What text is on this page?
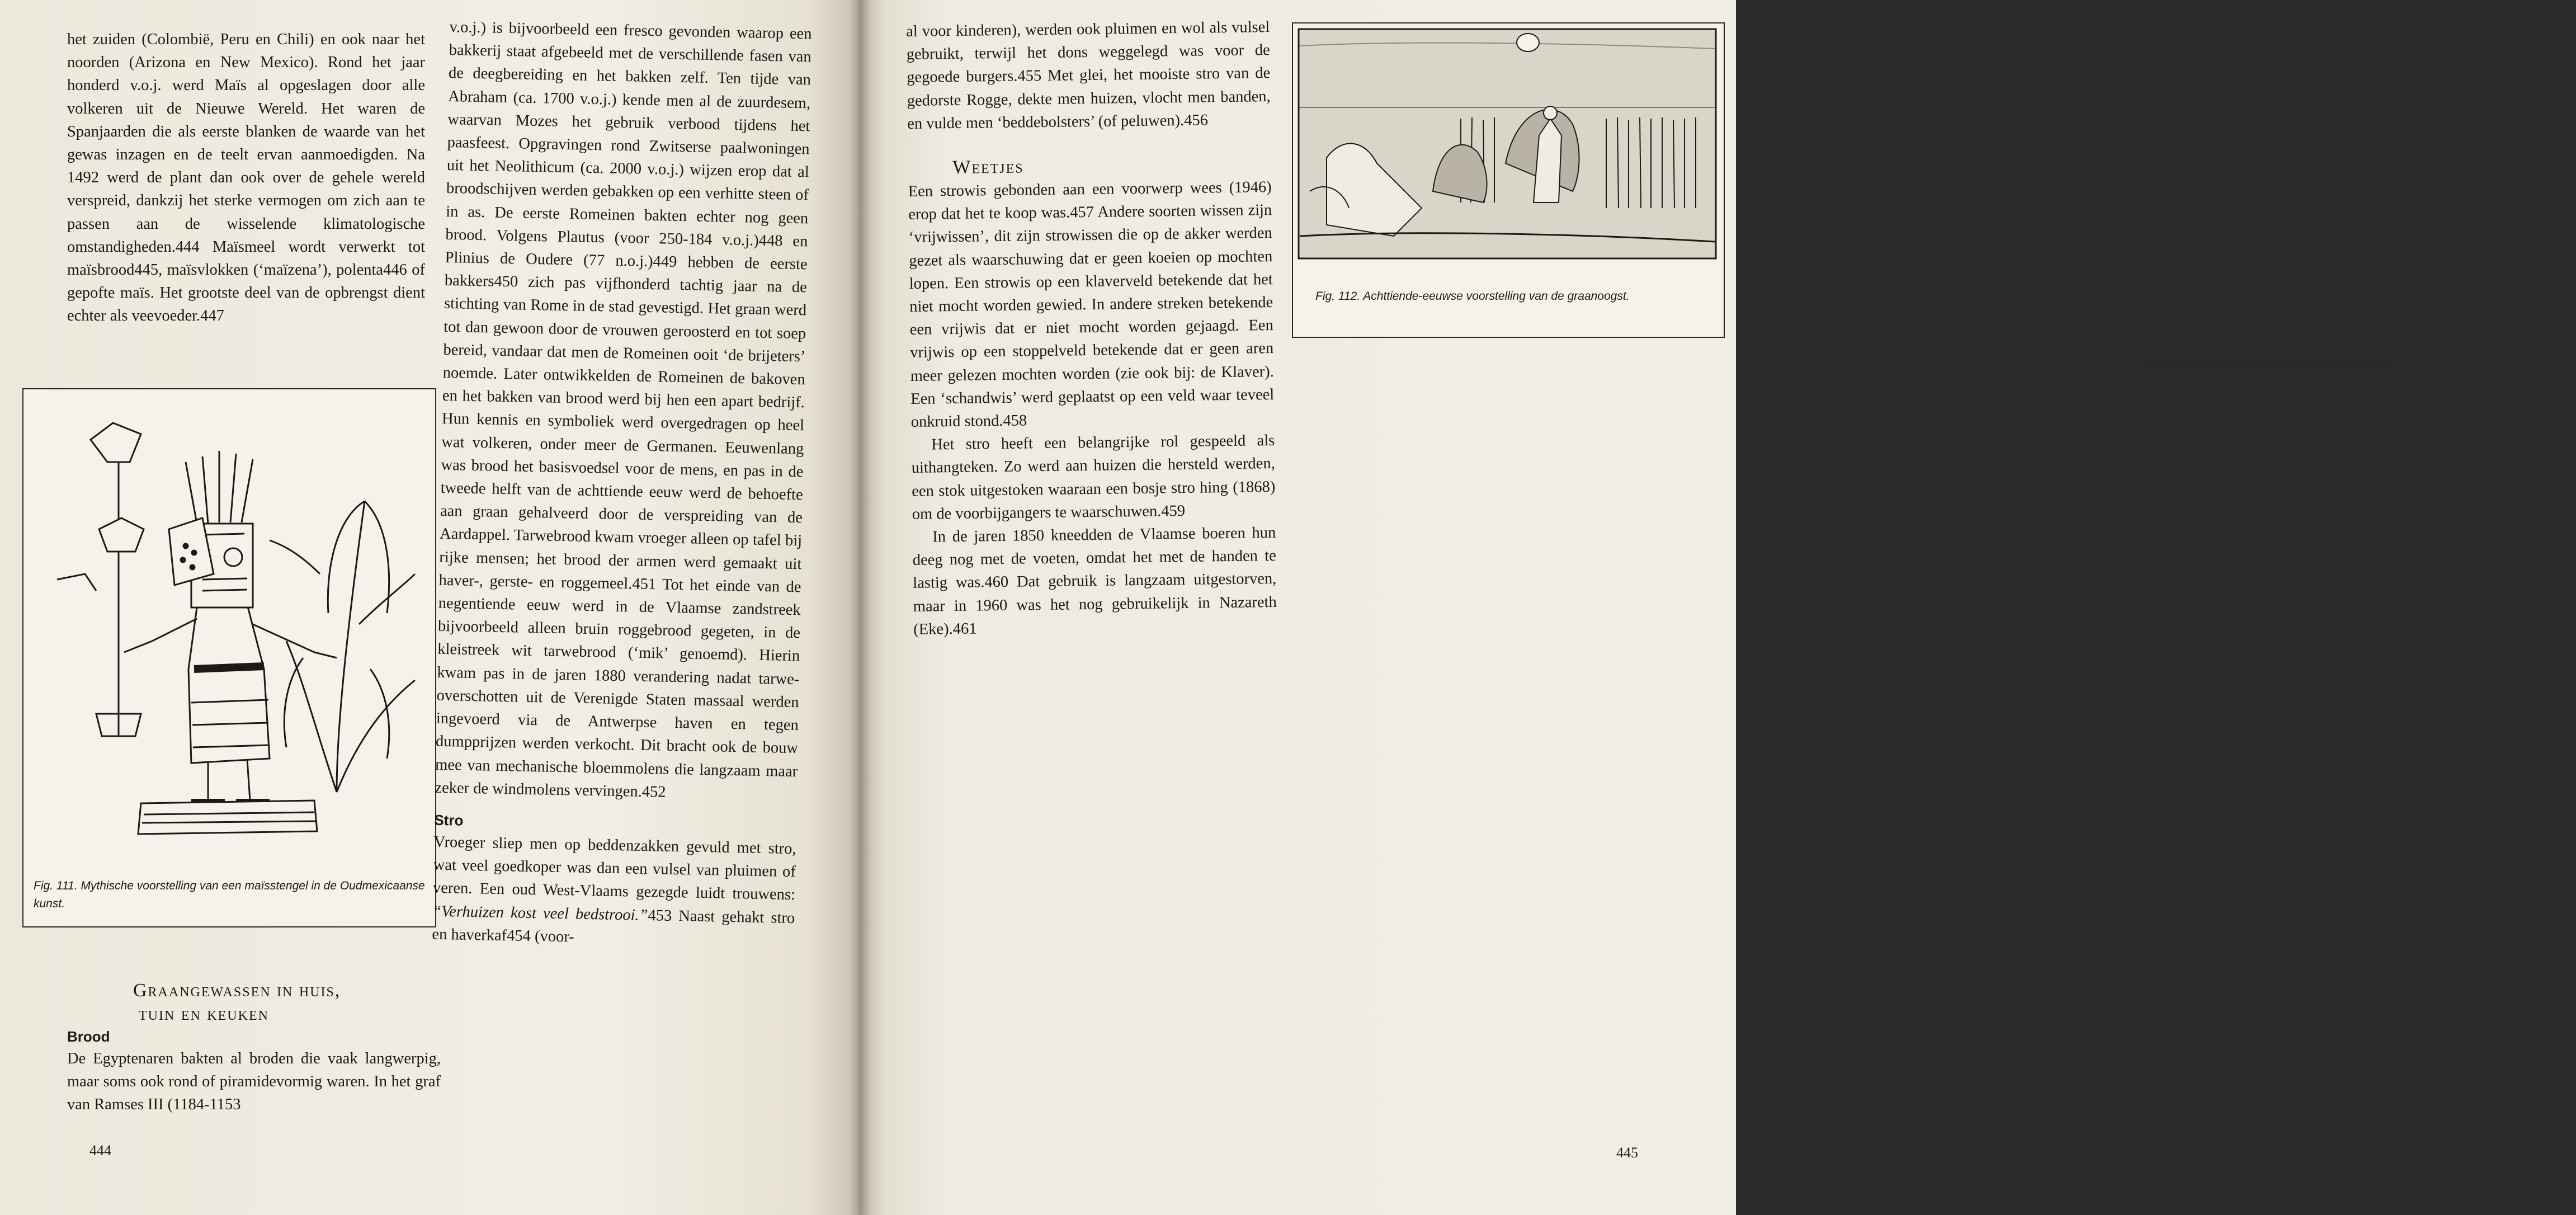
het zuiden (Colombië, Peru en Chili) en ook naar het noorden (Arizona en New Mexico). Rond het jaar honderd v.o.j. werd Maïs al opgeslagen door alle volkeren uit de Nieuwe Wereld. Het waren de Spanjaarden die als eerste blanken de waarde van het gewas inzagen en de teelt ervan aanmoedigden. Na 1492 werd de plant dan ook over de gehele wereld verspreid, dankzij het sterke vermogen om zich aan te passen aan de wisselende klimatologische omstandigheden.444 Maïsmeel wordt verwerkt tot maïsbrood445, maïsvlokken (‘maïzena’), polenta446 of gepofte maïs. Het grootste deel van de opbrengst dient echter als veevoeder.447

Fig. 111. Mythische voorstelling van een maïsstengel in de Oudmexicaanse kunst.
Graangewassen in huis,
tuin en keuken
Brood

De Egyptenaren bakten al broden die vaak langwerpig, maar soms ook rond of piramidevormig waren. In het graf van Ramses III (1184-1153

v.o.j.) is bijvoorbeeld een fresco gevonden waarop een bakkerij staat afgebeeld met de verschillende fasen van de deegbereiding en het bakken zelf. Ten tijde van Abraham (ca. 1700 v.o.j.) kende men al de zuurdesem, waarvan Mozes het gebruik verbood tijdens het paasfeest. Opgravingen rond Zwitserse paalwoningen uit het Neolithicum (ca. 2000 v.o.j.) wijzen erop dat al broodschijven werden gebakken op een verhitte steen of in as. De eerste Romeinen bakten echter nog geen brood. Volgens Plautus (voor 250-184 v.o.j.)448 en Plinius de Oudere (77 n.o.j.)449 hebben de eerste bakkers450 zich pas vijfhonderd tachtig jaar na de stichting van Rome in de stad gevestigd. Het graan werd tot dan gewoon door de vrouwen geroosterd en tot soep bereid, vandaar dat men de Romeinen ooit ‘de brijeters’ noemde. Later ontwikkelden de Romeinen de bakoven en het bakken van brood werd bij hen een apart bedrijf. Hun kennis en symboliek werd overgedragen op heel wat volkeren, onder meer de Germanen. Eeuwenlang was brood het basisvoedsel voor de mens, en pas in de tweede helft van de achttiende eeuw werd de behoefte aan graan gehalveerd door de verspreiding van de Aardappel. Tarwebrood kwam vroeger alleen op tafel bij rijke mensen; het brood der armen werd gemaakt uit haver-, gerste- en roggemeel.451 Tot het einde van de negentiende eeuw werd in de Vlaamse zandstreek bijvoorbeeld alleen bruin roggebrood gegeten, in de kleistreek wit tarwebrood (‘mik’ genoemd). Hierin kwam pas in de jaren 1880 verandering nadat tarwe-overschotten uit de Verenigde Staten massaal werden ingevoerd via de Antwerpse haven en tegen dumpprijzen werden verkocht. Dit bracht ook de bouw mee van mechanische bloemmolens die langzaam maar zeker de windmolens vervingen.452

Stro

Vroeger sliep men op beddenzakken gevuld met stro, wat veel goedkoper was dan een vulsel van pluimen of veren. Een oud West-Vlaams gezegde luidt trouwens: “Verhuizen kost veel bedstrooi.”453 Naast gehakt stro en haverkaf454 (voor-

444
...............................................................................

al voor kinderen), werden ook pluimen en wol als vulsel gebruikt, terwijl het dons weggelegd was voor de gegoede burgers.455 Met glei, het mooiste stro van de gedorste Rogge, dekte men huizen, vlocht men banden, en vulde men ‘beddebolsters’ (of peluwen).456

Weetjes

Een strowis gebonden aan een voorwerp wees (1946) erop dat het te koop was.457 Andere soorten wissen zijn ‘vrijwissen’, dit zijn strowissen die op de akker werden gezet als waarschuwing dat er geen koeien op mochten lopen. Een strowis op een klaverveld betekende dat het niet mocht worden gewied. In andere streken betekende een vrijwis dat er niet mocht worden gejaagd. Een vrijwis op een stoppelveld betekende dat er geen aren meer gelezen mochten worden (zie ook bij: de Klaver). Een ‘schandwis’ werd geplaatst op een veld waar teveel onkruid stond.458

Het stro heeft een belangrijke rol gespeeld als uithangteken. Zo werd aan huizen die hersteld werden, een stok uitgestoken waaraan een bosje stro hing (1868) om de voorbijgangers te waarschuwen.459

In de jaren 1850 kneedden de Vlaamse boeren hun deeg nog met de voeten, omdat het met de handen te lastig was.460 Dat gebruik is langzaam uitgestorven, maar in 1960 was het nog gebruikelijk in Nazareth (Eke).461

Fig. 112. Achttiende-eeuwse voorstelling van de graanoogst.
445
